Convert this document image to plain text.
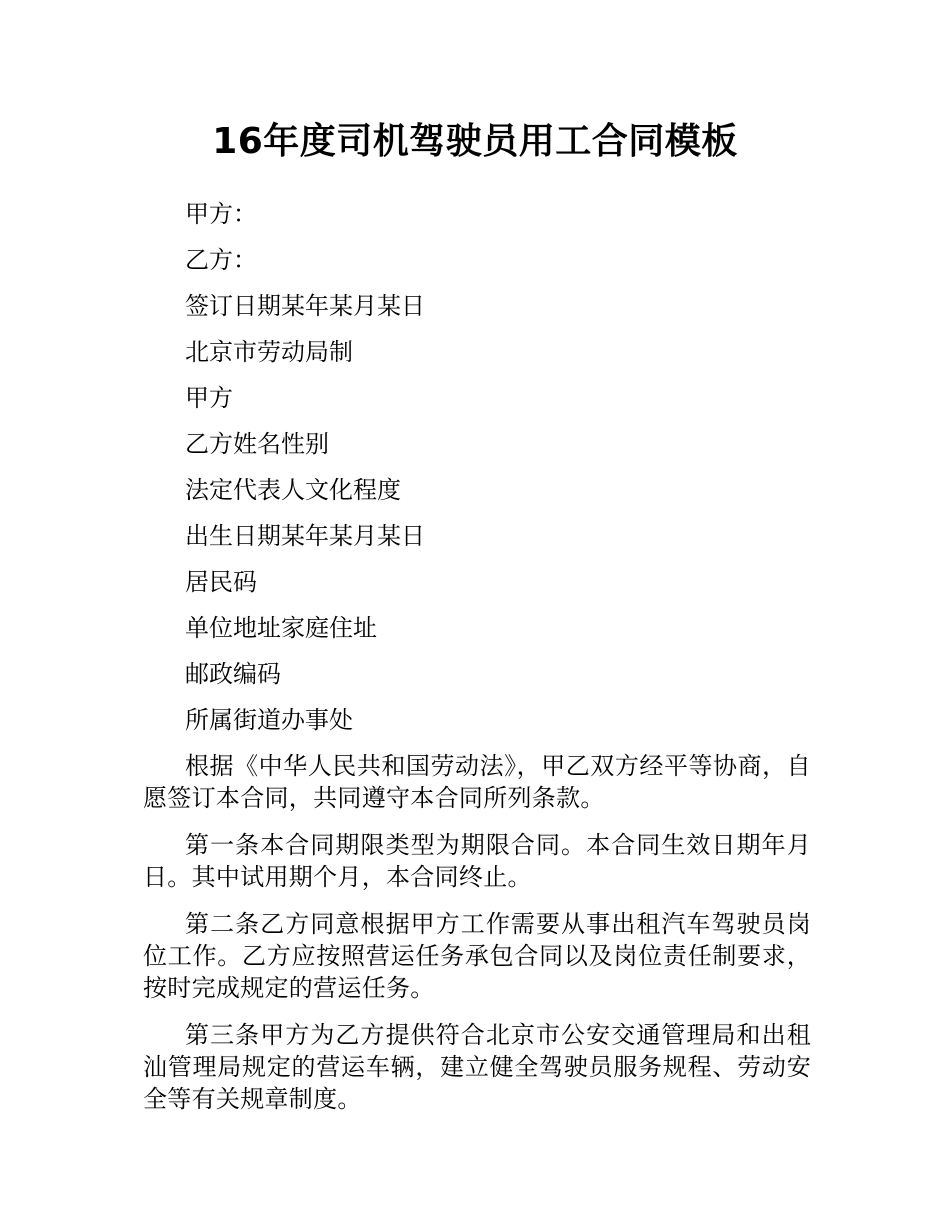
16年度司机驾驶员用工合同模板

甲方：

乙方：

签订日期某年某月某日

北京市劳动局制

甲方

乙方姓名性别

法定代表人文化程度

出生日期某年某月某日

居民码

单位地址家庭住址

邮政编码

所属街道办事处

根据《中华人民共和国劳动法》，甲乙双方经平等协商，自愿签订本合同，共同遵守本合同所列条款。

第一条本合同期限类型为期限合同。本合同生效日期年月日。其中试用期个月，本合同终止。

第二条乙方同意根据甲方工作需要从事出租汽车驾驶员岗位工作。乙方应按照营运任务承包合同以及岗位责任制要求，按时完成规定的营运任务。

第三条甲方为乙方提供符合北京市公安交通管理局和出租汕管理局规定的营运车辆，建立健全驾驶员服务规程、劳动安全等有关规章制度。
